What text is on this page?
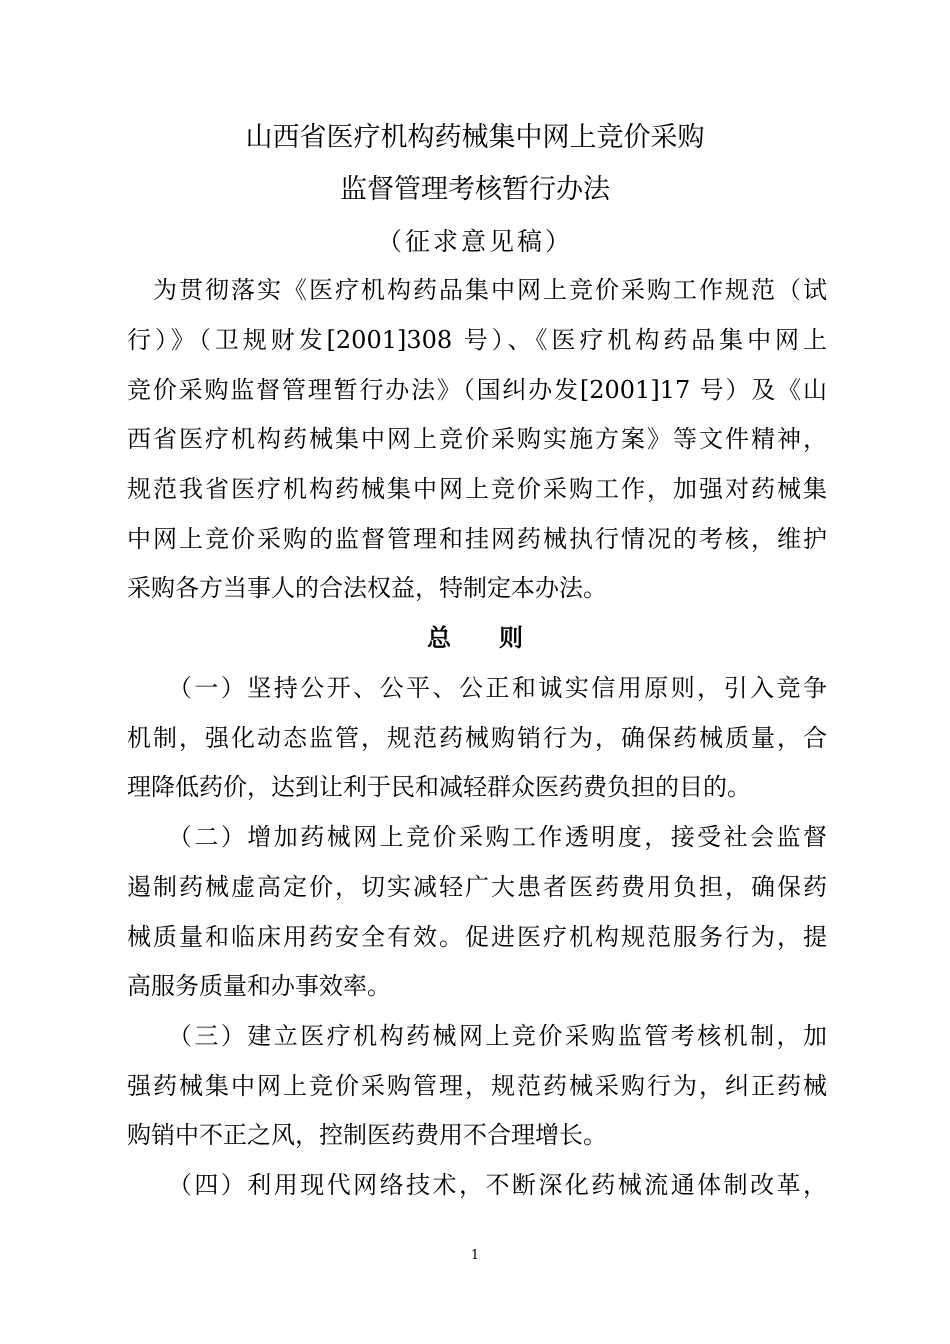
山西省医疗机构药械集中网上竞价采购
监督管理考核暂行办法
（征求意见稿）
　为贯彻落实《医疗机构药品集中网上竞价采购工作规范（试
行）》（卫规财发[2001]308 号）、《医疗机构药品集中网上
竞价采购监督管理暂行办法》（国纠办发[2001]17 号）及《山
西省医疗机构药械集中网上竞价采购实施方案》等文件精神，
规范我省医疗机构药械集中网上竞价采购工作，加强对药械集
中网上竞价采购的监督管理和挂网药械执行情况的考核，维护
采购各方当事人的合法权益，特制定本办法。
总 则
　　（一）坚持公开、公平、公正和诚实信用原则，引入竞争
机制，强化动态监管，规范药械购销行为，确保药械质量，合
理降低药价，达到让利于民和减轻群众医药费负担的目的。
　　（二）增加药械网上竞价采购工作透明度，接受社会监督
遏制药械虚高定价，切实减轻广大患者医药费用负担，确保药
械质量和临床用药安全有效。促进医疗机构规范服务行为，提
高服务质量和办事效率。
　　（三）建立医疗机构药械网上竞价采购监管考核机制，加
强药械集中网上竞价采购管理，规范药械采购行为，纠正药械
购销中不正之风，控制医药费用不合理增长。
　　（四）利用现代网络技术，不断深化药械流通体制改革，
1
